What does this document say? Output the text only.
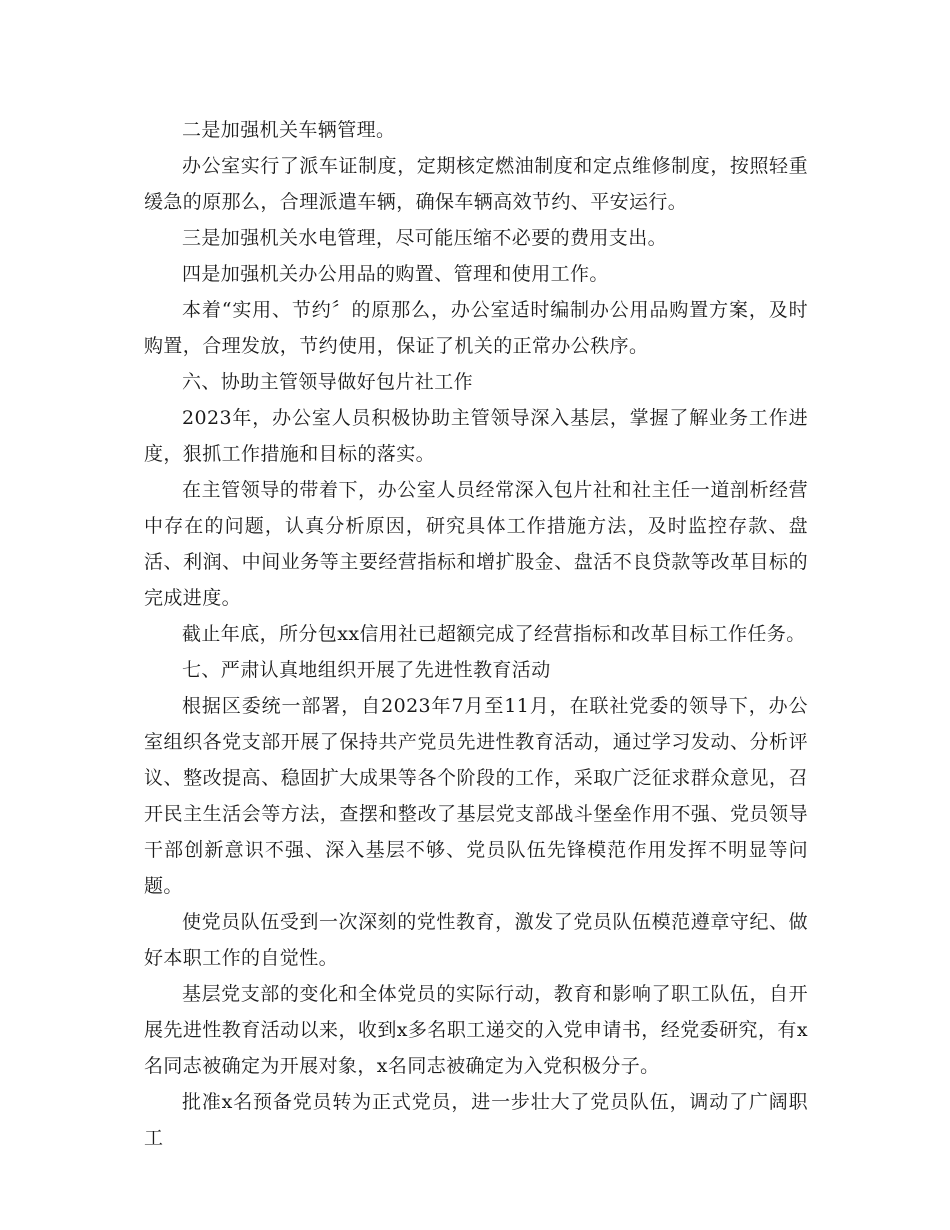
二是加强机关车辆管理。

办公室实行了派车证制度，定期核定燃油制度和定点维修制度，按照轻重缓急的原那么，合理派遣车辆，确保车辆高效节约、平安运行。

三是加强机关水电管理，尽可能压缩不必要的费用支出。

四是加强机关办公用品的购置、管理和使用工作。

本着“实用、节约〞的原那么，办公室适时编制办公用品购置方案，及时购置，合理发放，节约使用，保证了机关的正常办公秩序。

六、协助主管领导做好包片社工作

2023年，办公室人员积极协助主管领导深入基层，掌握了解业务工作进度，狠抓工作措施和目标的落实。

在主管领导的带着下，办公室人员经常深入包片社和社主任一道剖析经营中存在的问题，认真分析原因，研究具体工作措施方法，及时监控存款、盘活、利润、中间业务等主要经营指标和增扩股金、盘活不良贷款等改革目标的完成进度。

截止年底，所分包xx信用社已超额完成了经营指标和改革目标工作任务。

七、严肃认真地组织开展了先进性教育活动

根据区委统一部署，自2023年7月至11月，在联社党委的领导下，办公室组织各党支部开展了保持共产党员先进性教育活动，通过学习发动、分析评议、整改提高、稳固扩大成果等各个阶段的工作，采取广泛征求群众意见，召开民主生活会等方法，查摆和整改了基层党支部战斗堡垒作用不强、党员领导干部创新意识不强、深入基层不够、党员队伍先锋模范作用发挥不明显等问题。

使党员队伍受到一次深刻的党性教育，激发了党员队伍模范遵章守纪、做好本职工作的自觉性。

基层党支部的变化和全体党员的实际行动，教育和影响了职工队伍，自开展先进性教育活动以来，收到x多名职工递交的入党申请书，经党委研究，有x名同志被确定为开展对象，x名同志被确定为入党积极分子。

批准x名预备党员转为正式党员，进一步壮大了党员队伍，调动了广阔职工
